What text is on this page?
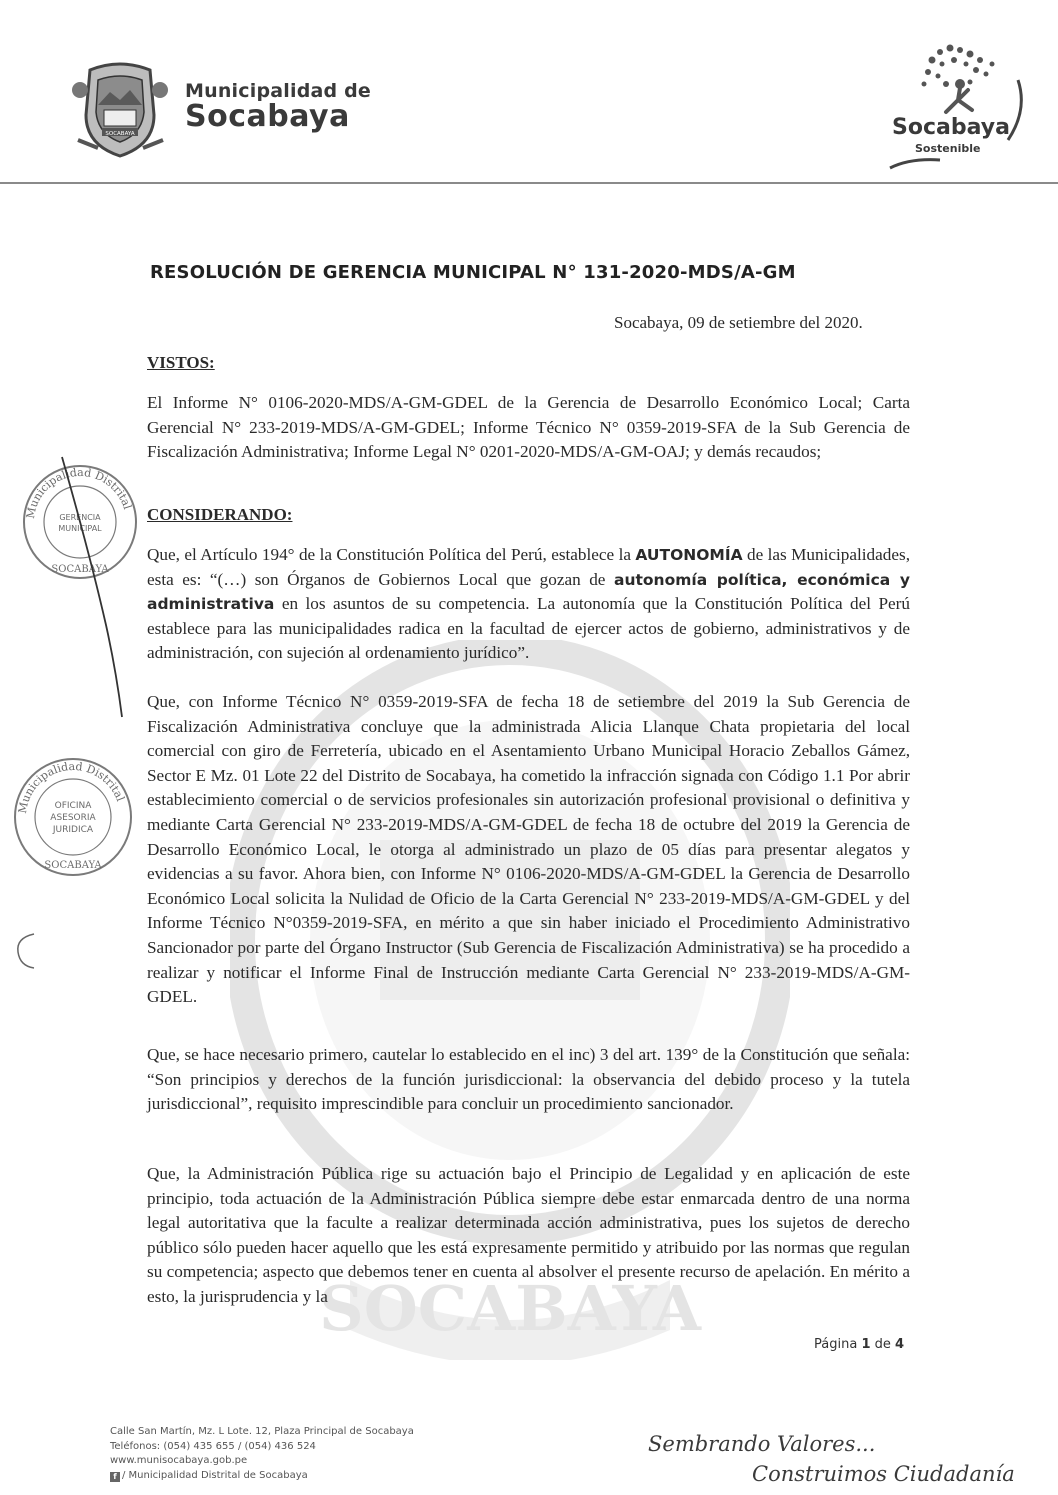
SOCABAYA
SOCABAYA
Municipalidad de
Socabaya	Socabaya
Sostenible
RESOLUCIÓN DE GERENCIA MUNICIPAL N° 131-2020-MDS/A-GM
Socabaya, 09 de setiembre del 2020.
VISTOS:

El Informe N° 0106-2020-MDS/A-GM-GDEL de la Gerencia de Desarrollo Económico Local; Carta Gerencial N° 233-2019-MDS/A-GM-GDEL; Informe Técnico N° 0359-2019-SFA de la Sub Gerencia de Fiscalización Administrativa; Informe Legal N° 0201-2020-MDS/A-GM-OAJ; y demás recaudos;

CONSIDERANDO:

Que, el Artículo 194° de la Constitución Política del Perú, establece la AUTONOMÍA de las Municipalidades, esta es: “(…) son Órganos de Gobiernos Local que gozan de autonomía política, económica y administrativa en los asuntos de su competencia. La autonomía que la Constitución Política del Perú establece para las municipalidades radica en la facultad de ejercer actos de gobierno, administrativos y de administración, con sujeción al ordenamiento jurídico”.

Que, con Informe Técnico N° 0359-2019-SFA de fecha 18 de setiembre del 2019 la Sub Gerencia de Fiscalización Administrativa concluye que la administrada Alicia Llanque Chata propietaria del local comercial con giro de Ferretería, ubicado en el Asentamiento Urbano Municipal Horacio Zeballos Gámez, Sector E Mz. 01 Lote 22 del Distrito de Socabaya, ha cometido la infracción signada con Código 1.1 Por abrir establecimiento comercial o de servicios profesionales sin autorización profesional provisional o definitiva y mediante Carta Gerencial N° 233-2019-MDS/A-GM-GDEL de fecha 18 de octubre del 2019 la Gerencia de Desarrollo Económico Local, le otorga al administrado un plazo de 05 días para presentar alegatos y evidencias a su favor. Ahora bien, con Informe N° 0106-2020-MDS/A-GM-GDEL la Gerencia de Desarrollo Económico Local solicita la Nulidad de Oficio de la Carta Gerencial N° 233-2019-MDS/A-GM-GDEL y del Informe Técnico N°0359-2019-SFA, en mérito a que sin haber iniciado el Procedimiento Administrativo Sancionador por parte del Órgano Instructor (Sub Gerencia de Fiscalización Administrativa) se ha procedido a realizar y notificar el Informe Final de Instrucción mediante Carta Gerencial N° 233-2019-MDS/A-GM-GDEL.

Que, se hace necesario primero, cautelar lo establecido en el inc) 3 del art. 139° de la Constitución que señala: “Son principios y derechos de la función jurisdiccional: la observancia del debido proceso y la tutela jurisdiccional”, requisito imprescindible para concluir un procedimiento sancionador.

Que, la Administración Pública rige su actuación bajo el Principio de Legalidad y en aplicación de este principio, toda actuación de la Administración Pública siempre debe estar enmarcada dentro de una norma legal autoritativa que la faculte a realizar determinada acción administrativa, pues los sujetos de derecho público sólo pueden hacer aquello que les está expresamente permitido y atribuido por las normas que regulan su competencia; aspecto que debemos tener en cuenta al absolver el presente recurso de apelación. En mérito a esto, la jurisprudencia y la

Municipalidad Distrital
GERENCIA
MUNICIPAL
SOCABAYA
Municipalidad Distrital
OFICINA
ASESORIA
JURIDICA
SOCABAYA
Página 1 de 4
Calle San Martín, Mz. L Lote. 12, Plaza Principal de Socabaya
Teléfonos: (054) 435 655 / (054) 436 524
www.munisocabaya.gob.pe
f / Municipalidad Distrital de Socabaya
Sembrando Valores...
Construimos Ciudadanía
